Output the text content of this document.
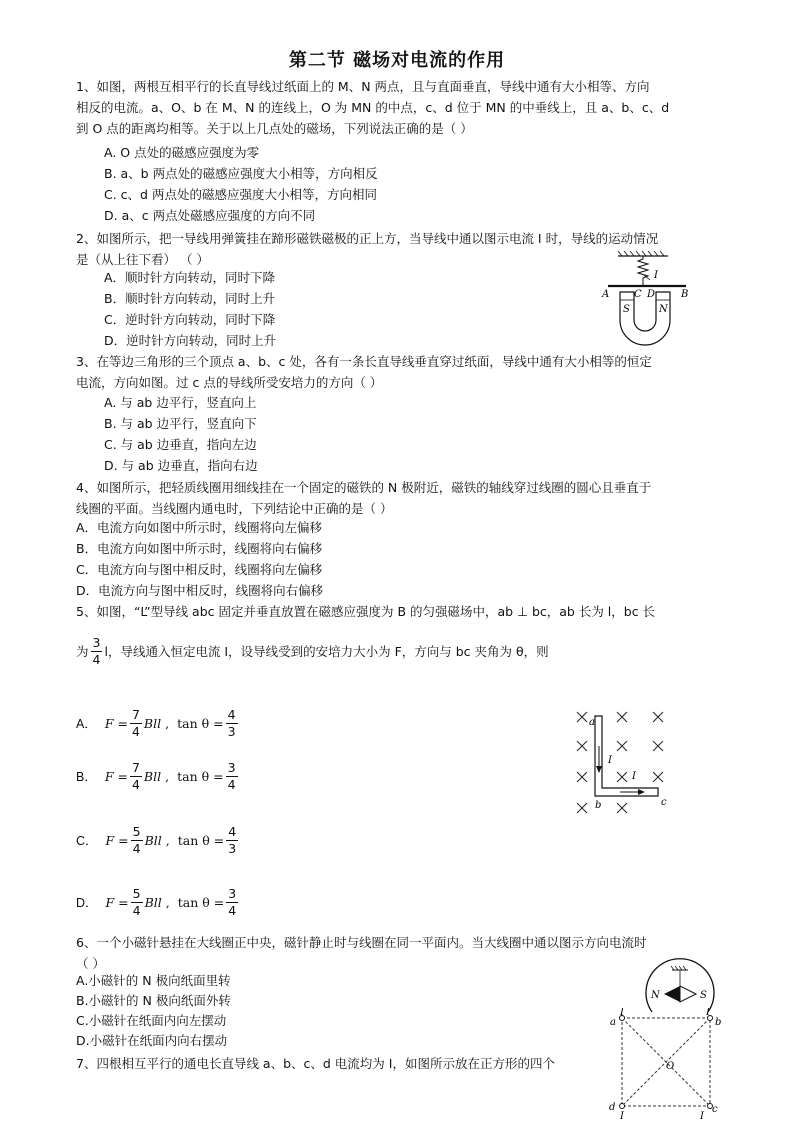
第二节 磁场对电流的作用
1、如图，两根互相平行的长直导线过纸面上的 M、N 两点，且与直面垂直，导线中通有大小相等、方向
相反的电流。a、O、b 在 M、N 的连线上，O 为 MN 的中点，c、d 位于 MN 的中垂线上，且 a、b、c、d
到 O 点的距离均相等。关于以上几点处的磁场，下列说法正确的是（ ）
A. O 点处的磁感应强度为零
B. a、b 两点处的磁感应强度大小相等，方向相反
C. c、d 两点处的磁感应强度大小相等，方向相同
D. a、c 两点处磁感应强度的方向不同
2、如图所示，把一导线用弹簧挂在蹄形磁铁磁极的正上方，当导线中通以图示电流 I 时，导线的运动情况
是（从上往下看） （ ）
A．顺时针方向转动，同时下降
B．顺时针方向转动，同时上升
C．逆时针方向转动，同时下降
D．逆时针方向转动，同时上升
I
A C D	B
S	N
3、在等边三角形的三个顶点 a、b、c 处，各有一条长直导线垂直穿过纸面，导线中通有大小相等的恒定
电流，方向如图。过 c 点的导线所受安培力的方向（ ）
A. 与 ab 边平行，竖直向上
B. 与 ab 边平行，竖直向下
C. 与 ab 边垂直，指向左边
D. 与 ab 边垂直，指向右边
4、如图所示，把轻质线圈用细线挂在一个固定的磁铁的 N 极附近，磁铁的轴线穿过线圈的圆心且垂直于
线圈的平面。当线圈内通电时，下列结论中正确的是（ ）
A．电流方向如图中所示时，线圈将向左偏移
B．电流方向如图中所示时，线圈将向右偏移
C．电流方向与图中相反时，线圈将向左偏移
D．电流方向与图中相反时，线圈将向右偏移
5、如图，“L”型导线 abc 固定并垂直放置在磁感应强度为 B 的匀强磁场中，ab ⊥ bc，ab 长为 l，bc 长
为 $\frac{3}{4}$ l，导线通入恒定电流 I，设导线受到的安培力大小为 F，方向与 bc 夹角为 θ，则
A． $F = \frac{7}{4}$ Bll , $\tan \theta = \frac{4}{3}$
B． $F = \frac{7}{4}$ Bll , $\tan \theta = \frac{3}{4}$
C． $F = \frac{5}{4}$ Bll , $\tan \theta = \frac{4}{3}$
D． $F = \frac{5}{4}$ Bll , $\tan \theta = \frac{3}{4}$
a
I
I
b	c
6、一个小磁针悬挂在大线圈正中央，磁针静止时与线圈在同一平面内。当大线圈中通以图示方向电流时
（ ）
A.小磁针的 N 极向纸面里转
B.小磁针的 N 极向纸面外转
C.小磁针在纸面内向左摆动
D.小磁针在纸面内向右摆动
N	S
7、四根相互平行的通电长直导线 a、b、c、d 电流均为 I，如图所示放在正方形的四个
a	b
c
d
O
I	I
I	I
